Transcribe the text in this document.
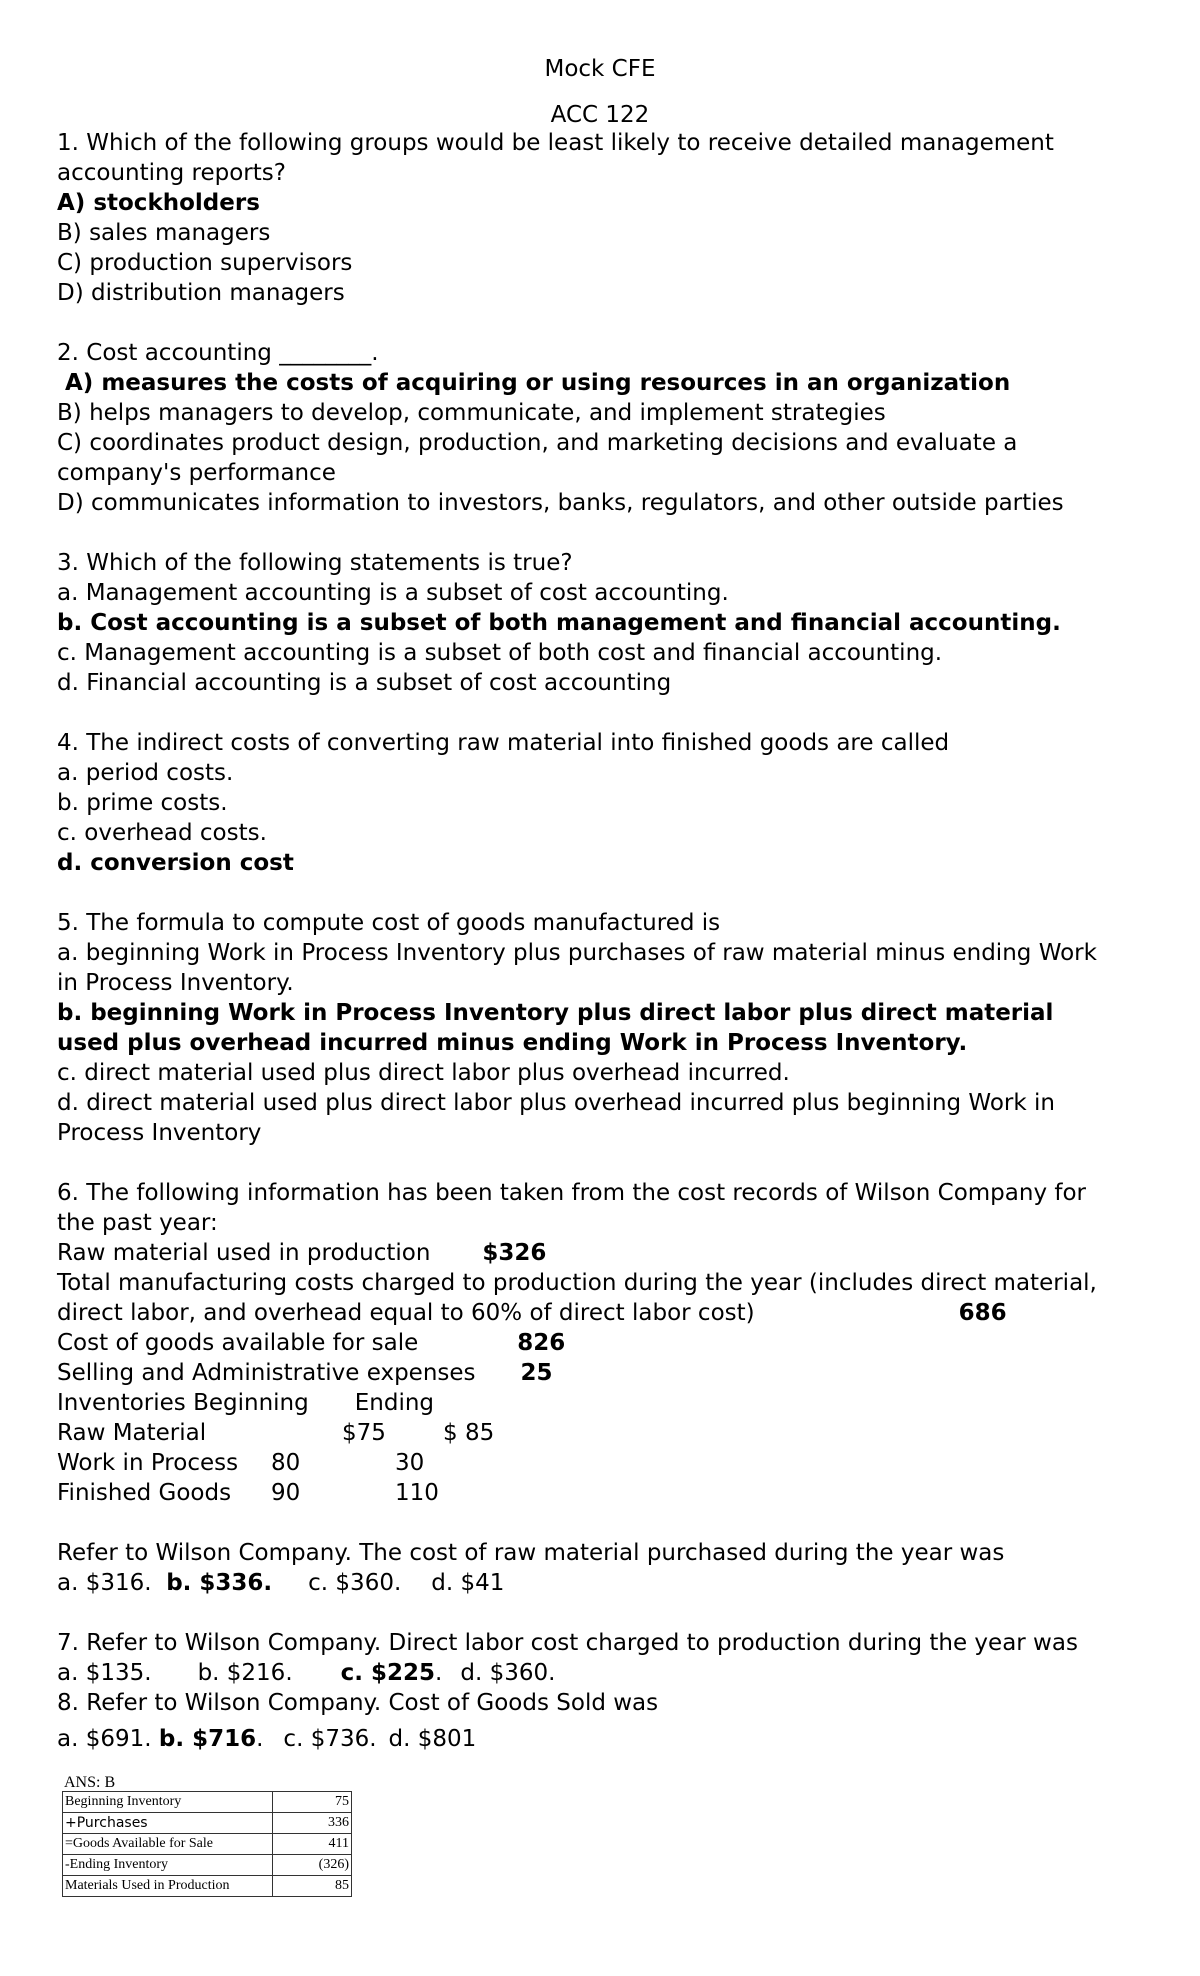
Mock CFE
ACC 122
1. Which of the following groups would be least likely to receive detailed management
accounting reports?
A) stockholders
B) sales managers
C) production supervisors
D) distribution managers
2. Cost accounting ________.
A) measures the costs of acquiring or using resources in an organization
B) helps managers to develop, communicate, and implement strategies
C) coordinates product design, production, and marketing decisions and evaluate a
company's performance
D) communicates information to investors, banks, regulators, and other outside parties
3. Which of the following statements is true?
a. Management accounting is a subset of cost accounting.
b. Cost accounting is a subset of both management and financial accounting.
c. Management accounting is a subset of both cost and financial accounting.
d. Financial accounting is a subset of cost accounting
4. The indirect costs of converting raw material into finished goods are called
a. period costs.
b. prime costs.
c. overhead costs.
d. conversion cost
5. The formula to compute cost of goods manufactured is
a. beginning Work in Process Inventory plus purchases of raw material minus ending Work
in Process Inventory.
b. beginning Work in Process Inventory plus direct labor plus direct material
used plus overhead incurred minus ending Work in Process Inventory.
c. direct material used plus direct labor plus overhead incurred.
d. direct material used plus direct labor plus overhead incurred plus beginning Work in
Process Inventory
6. The following information has been taken from the cost records of Wilson Company for
the past year:
Raw material used in production $326
Total manufacturing costs charged to production during the year (includes direct material,
direct labor, and overhead equal to 60% of direct labor cost)	686
Cost of goods available for sale	826
Selling and Administrative expenses 25
Inventories Beginning Ending
Raw Material	$75 $ 85
Work in Process 80	30
Finished Goods 90	110
Refer to Wilson Company. The cost of raw material purchased during the year was
a. $316. b. $336. c. $360. d. $41
7. Refer to Wilson Company. Direct labor cost charged to production during the year was
a. $135. b. $216. c. $225. d. $360.
8. Refer to Wilson Company. Cost of Goods Sold was
a. $691. b. $716. c. $736. d. $801
ANS: B
Beginning Inventory	75
+Purchases	336
=Goods Available for Sale	411
-Ending Inventory	(326)
Materials Used in Production	85
